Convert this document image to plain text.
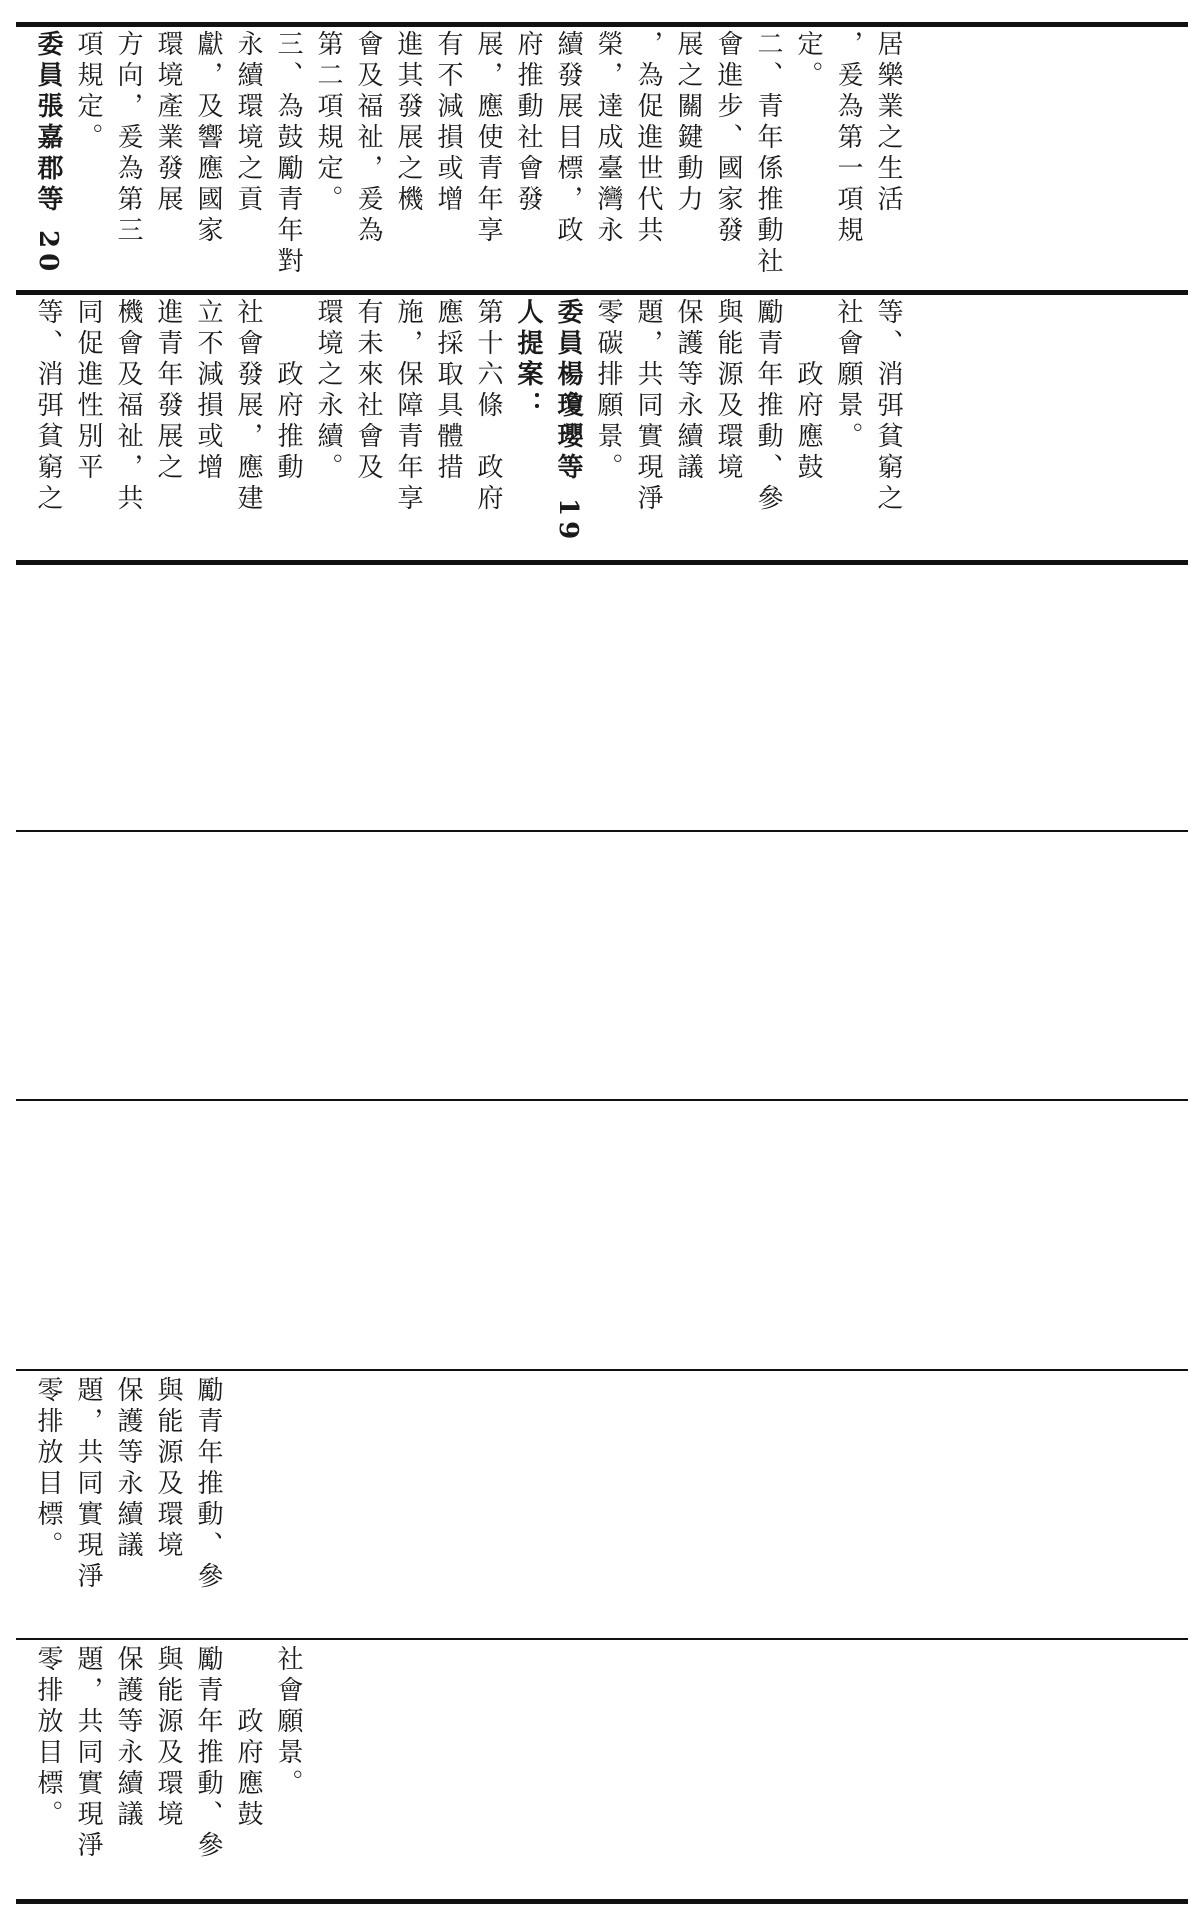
居樂業之生活
，爰為第一項規
定。
二、青年係推動社
會進步、國家發
展之關鍵動力
，為促進世代共
榮，達成臺灣永
續發展目標，政
府推動社會發
展，應使青年享
有不減損或增
進其發展之機
會及福祉，爰為
第二項規定。
三、為鼓勵青年對
永續環境之貢
獻，及響應國家
環境產業發展
方向，爰為第三
項規定。
委員張嘉郡等 20
等、消弭貧窮之
社會願景。
　　政府應鼓
勵青年推動、參
與能源及環境
保護等永續議
題，共同實現淨
零碳排願景。
委員楊瓊瓔等 19
人提案：
第十六條　政府
應採取具體措
施，保障青年享
有未來社會及
環境之永續。
　　政府推動
社會發展，應建
立不減損或增
進青年發展之
機會及福祉，共
同促進性別平
等、消弭貧窮之
勵青年推動、參
與能源及環境
保護等永續議
題，共同實現淨
零排放目標。
社會願景。
　　政府應鼓
勵青年推動、參
與能源及環境
保護等永續議
題，共同實現淨
零排放目標。
